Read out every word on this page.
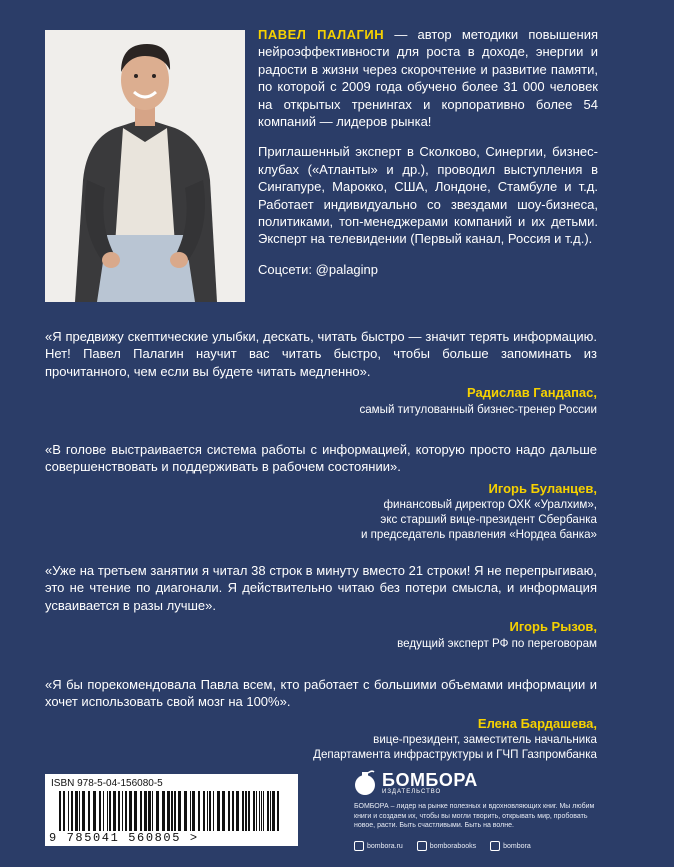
ПАВЕЛ ПАЛАГИН — автор методики повышения нейроэффективности для роста в доходе, энергии и радости в жизни через скорочтение и развитие памяти, по которой с 2009 года обучено более 31 000 человек на открытых тренингах и корпоративно более 54 компаний — лидеров рынка!

Приглашенный эксперт в Сколково, Синергии, бизнес-клубах («Атланты» и др.), проводил выступления в Сингапуре, Марокко, США, Лондоне, Стамбуле и т.д. Работает индивидуально со звездами шоу-бизнеса, политиками, топ-менеджерами компаний и их детьми. Эксперт на телевидении (Первый канал, Россия и т.д.).

Соцсети: @palaginp

«Я предвижу скептические улыбки, дескать, читать быстро — значит терять информацию. Нет! Павел Палагин научит вас читать быстро, чтобы больше запоминать из прочитанного, чем если вы будете читать медленно».

Радислав Гандапас,
самый титулованный бизнес-тренер России

«В голове выстраивается система работы с информацией, которую просто надо дальше совершенствовать и поддерживать в рабочем состоянии».

Игорь Буланцев,
финансовый директор ОХК «Уралхим»,
экс старший вице-президент Сбербанка
и председатель правления «Нордеа банка»

«Уже на третьем занятии я читал 38 строк в минуту вместо 21 строки! Я не перепрыгиваю, это не чтение по диагонали. Я действительно читаю без потери смысла, и информация усваивается в разы лучше».

Игорь Рызов,
ведущий эксперт РФ по переговорам

«Я бы порекомендовала Павла всем, кто работает с большими объемами информации и хочет использовать свой мозг на 100%».

Елена Бардашева,
вице-президент, заместитель начальника
Департамента инфраструктуры и ГЧП Газпромбанка
ISBN 978-5-04-156080-5
9 785041 560805 >
БОМБОРА
ИЗДАТЕЛЬСТВО
БОМБОРА – лидер на рынке полезных и вдохновляющих книг. Мы любим книги и создаем их, чтобы вы могли творить, открывать мир, пробовать новое, расти. Быть счастливыми. Быть на волне.
bombora.ru	bomborabooks	bombora
